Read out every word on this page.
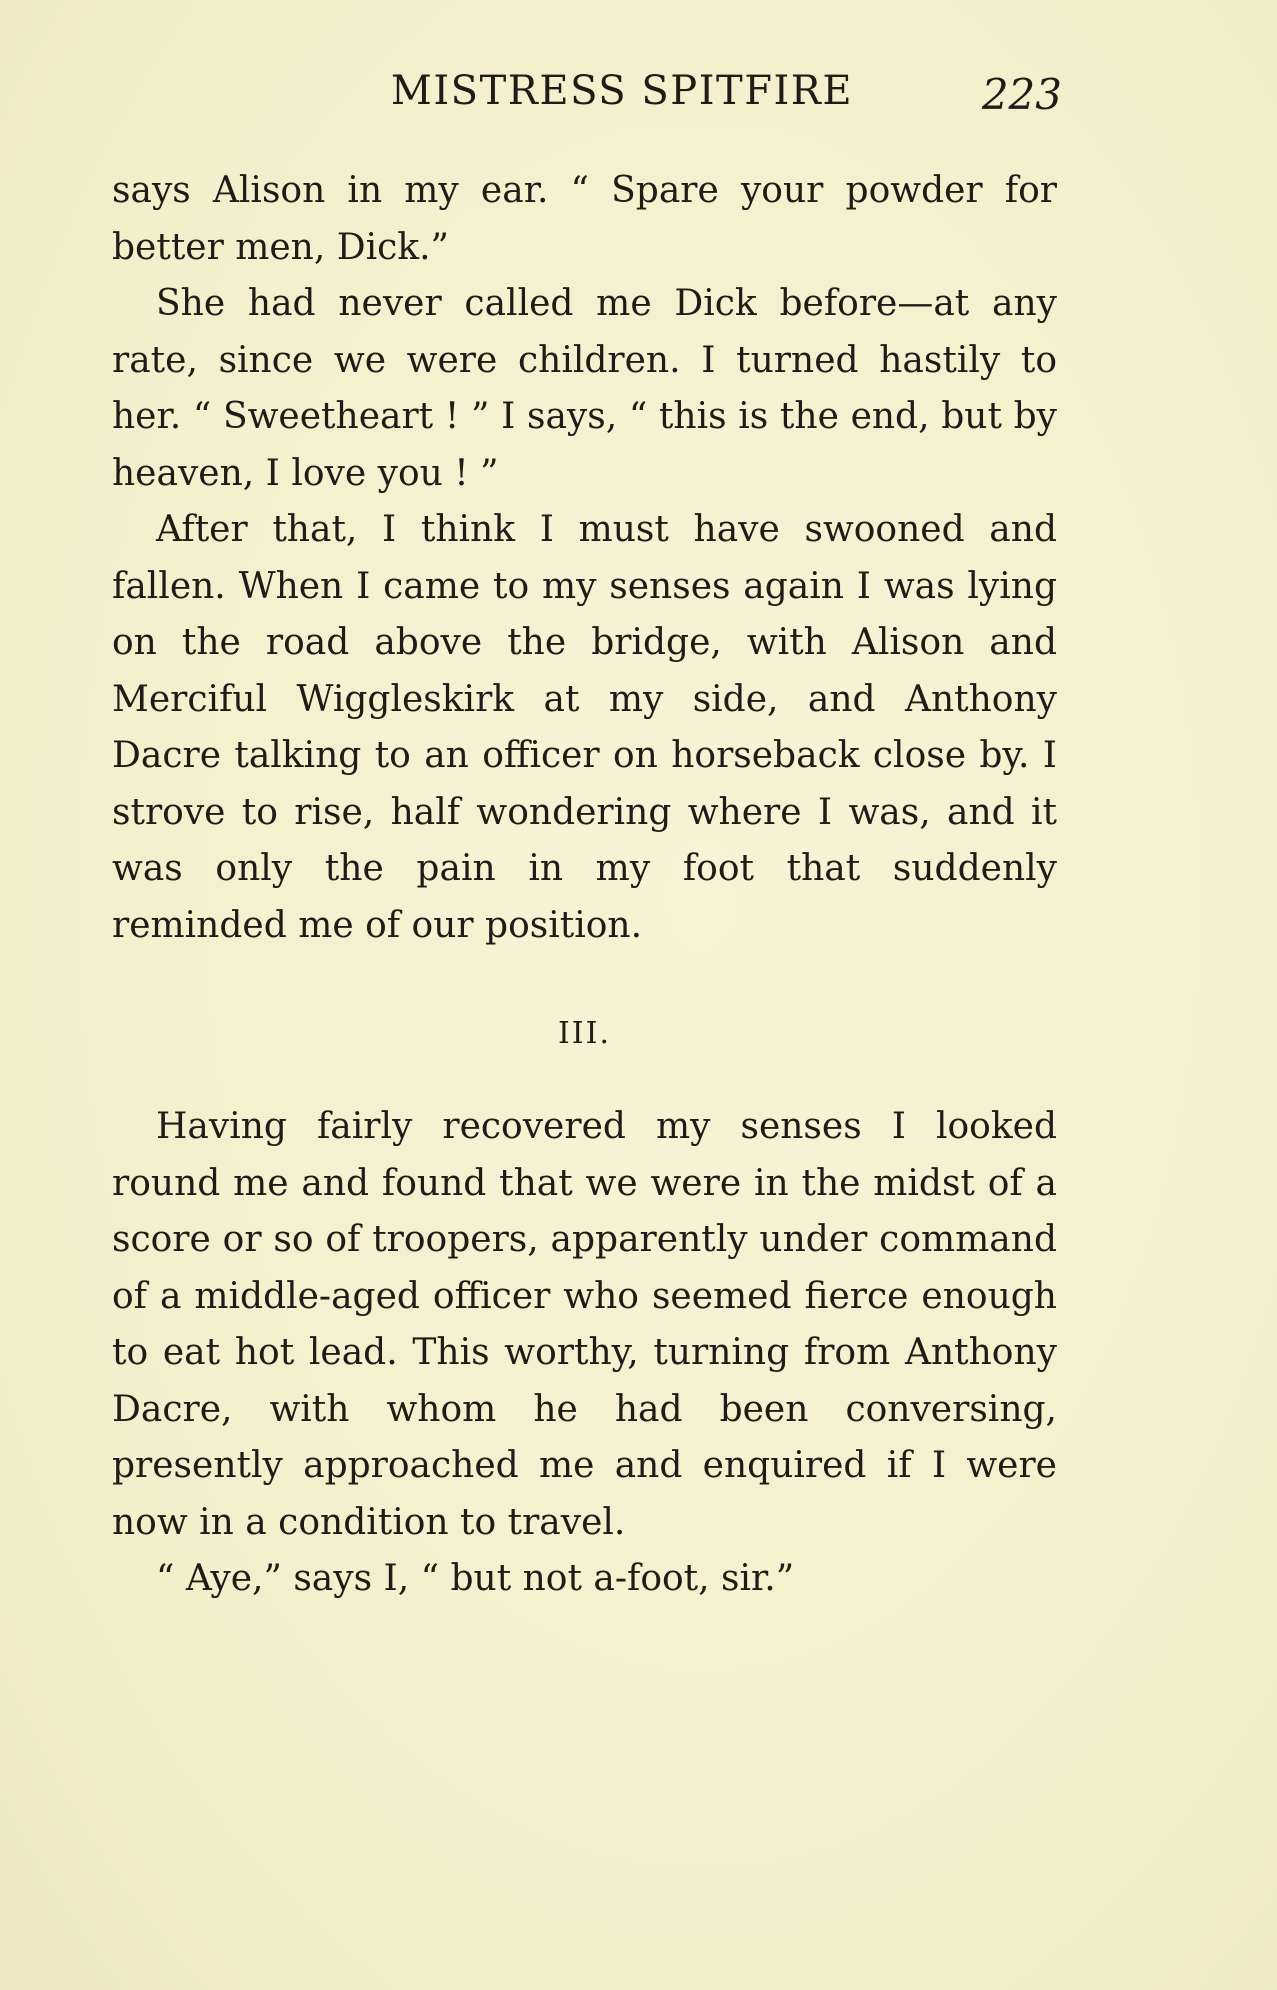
MISTRESS SPITFIRE	223

says Alison in my ear. “ Spare your powder for better men, Dick.”

She had never called me Dick before—at any rate, since we were children. I turned hastily to her. “ Sweetheart ! ” I says, “ this is the end, but by heaven, I love you ! ”

After that, I think I must have swooned and fallen. When I came to my senses again I was lying on the road above the bridge, with Alison and Merciful Wiggleskirk at my side, and Anthony Dacre talking to an officer on horseback close by. I strove to rise, half wondering where I was, and it was only the pain in my foot that suddenly reminded me of our position.

III.

Having fairly recovered my senses I looked round me and found that we were in the midst of a score or so of troopers, apparently under command of a middle-aged officer who seemed fierce enough to eat hot lead. This worthy, turning from Anthony Dacre, with whom he had been conversing, presently approached me and enquired if I were now in a condition to travel.

“ Aye,” says I, “ but not a-foot, sir.”
